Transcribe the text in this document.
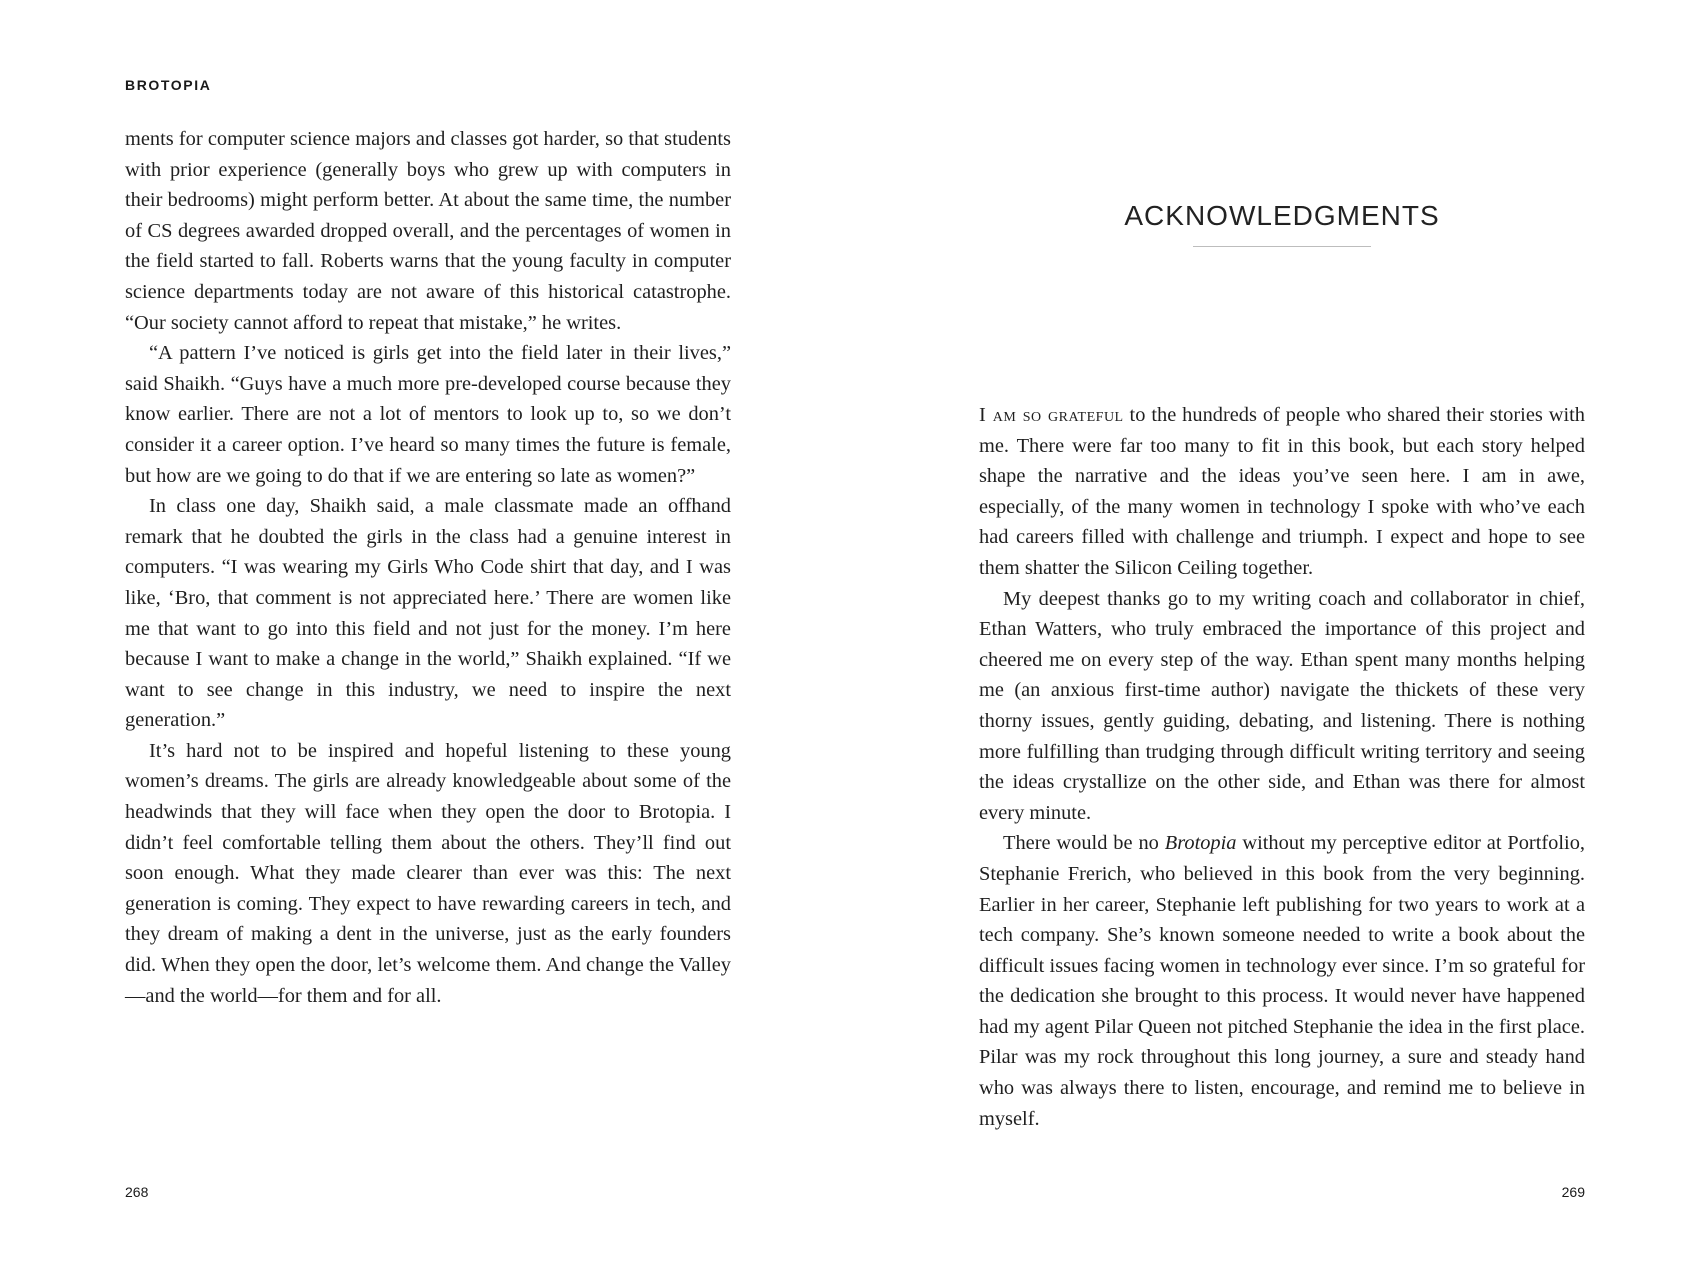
BROTOPIA

ments for computer science majors and classes got harder, so that students with prior experience (generally boys who grew up with computers in their bedrooms) might perform better. At about the same time, the number of CS degrees awarded dropped overall, and the percentages of women in the field started to fall. Roberts warns that the young faculty in computer science departments today are not aware of this historical catastrophe. “Our society cannot afford to repeat that mistake,” he writes.

“A pattern I’ve noticed is girls get into the field later in their lives,” said Shaikh. “Guys have a much more pre-developed course because they know earlier. There are not a lot of mentors to look up to, so we don’t consider it a career option. I’ve heard so many times the future is female, but how are we going to do that if we are entering so late as women?”

In class one day, Shaikh said, a male classmate made an offhand remark that he doubted the girls in the class had a genuine interest in computers. “I was wearing my Girls Who Code shirt that day, and I was like, ‘Bro, that comment is not appreciated here.’ There are women like me that want to go into this field and not just for the money. I’m here because I want to make a change in the world,” Shaikh explained. “If we want to see change in this industry, we need to inspire the next generation.”

It’s hard not to be inspired and hopeful listening to these young women’s dreams. The girls are already knowledgeable about some of the headwinds that they will face when they open the door to Brotopia. I didn’t feel comfortable telling them about the others. They’ll find out soon enough. What they made clearer than ever was this: The next generation is coming. They expect to have rewarding careers in tech, and they dream of making a dent in the universe, just as the early founders did. When they open the door, let’s welcome them. And change the Valley—and the world—for them and for all.

268
ACKNOWLEDGMENTS

I am so grateful to the hundreds of people who shared their stories with me. There were far too many to fit in this book, but each story helped shape the narrative and the ideas you’ve seen here. I am in awe, especially, of the many women in technology I spoke with who’ve each had careers filled with challenge and triumph. I expect and hope to see them shatter the Silicon Ceiling together.

My deepest thanks go to my writing coach and collaborator in chief, Ethan Watters, who truly embraced the importance of this project and cheered me on every step of the way. Ethan spent many months helping me (an anxious first-time author) navigate the thickets of these very thorny issues, gently guiding, debating, and listening. There is nothing more fulfilling than trudging through difficult writing territory and seeing the ideas crystallize on the other side, and Ethan was there for almost every minute.

There would be no Brotopia without my perceptive editor at Portfolio, Stephanie Frerich, who believed in this book from the very beginning. Earlier in her career, Stephanie left publishing for two years to work at a tech company. She’s known someone needed to write a book about the difficult issues facing women in technology ever since. I’m so grateful for the dedication she brought to this process. It would never have happened had my agent Pilar Queen not pitched Stephanie the idea in the first place. Pilar was my rock throughout this long journey, a sure and steady hand who was always there to listen, encourage, and remind me to believe in myself.

269
